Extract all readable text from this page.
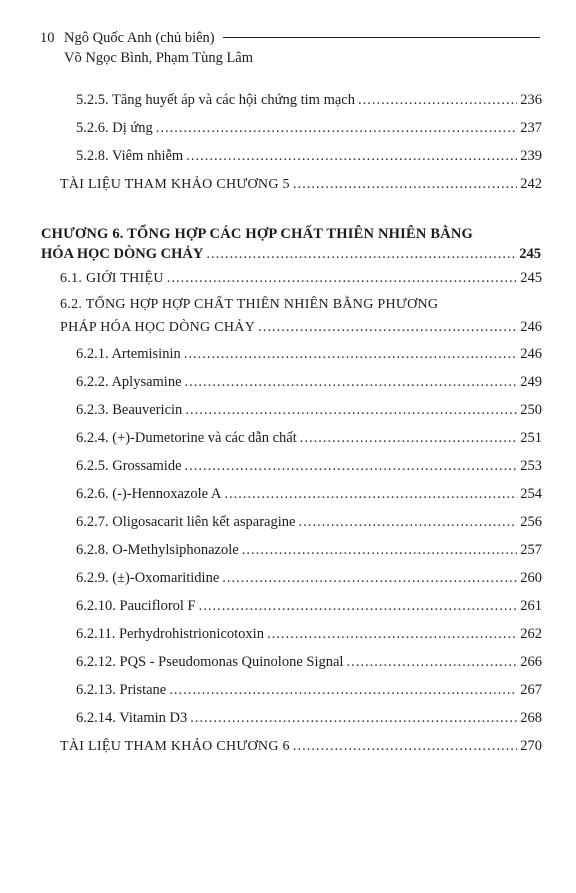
10 Ngô Quốc Anh (chủ biên)
Võ Ngọc Bình, Phạm Tùng Lâm
5.2.5. Tăng huyết áp và các hội chứng tim mạch .....	236
5.2.6. Dị ứng .....	237
5.2.8. Viêm nhiễm .....	239
TÀI LIỆU THAM KHẢO CHƯƠNG 5 .....	242
CHƯƠNG 6. TỔNG HỢP CÁC HỢP CHẤT THIÊN NHIÊN BẰNG
HÓA HỌC DÒNG CHẢY .....	245
6.1. GIỚI THIỆU .....	245
6.2. TỔNG HỢP HỢP CHẤT THIÊN NHIÊN BẰNG PHƯƠNG
PHÁP HÓA HỌC DÒNG CHẢY .....	246
6.2.1. Artemisinin .....	246
6.2.2. Aplysamine .....	249
6.2.3. Beauvericin .....	250
6.2.4. (+)-Dumetorine và các dẫn chất .....	251
6.2.5. Grossamide .....	253
6.2.6. (-)-Hennoxazole A .....	254
6.2.7. Oligosacarit liên kết asparagine .....	256
6.2.8. O-Methylsiphonazole .....	257
6.2.9. (±)-Oxomaritidine .....	260
6.2.10. Pauciflorol F .....	261
6.2.11. Perhydrohistrionicotoxin .....	262
6.2.12. PQS - Pseudomonas Quinolone Signal .....	266
6.2.13. Pristane .....	267
6.2.14. Vitamin D3 .....	268
TÀI LIỆU THAM KHẢO CHƯƠNG 6 .....	270
